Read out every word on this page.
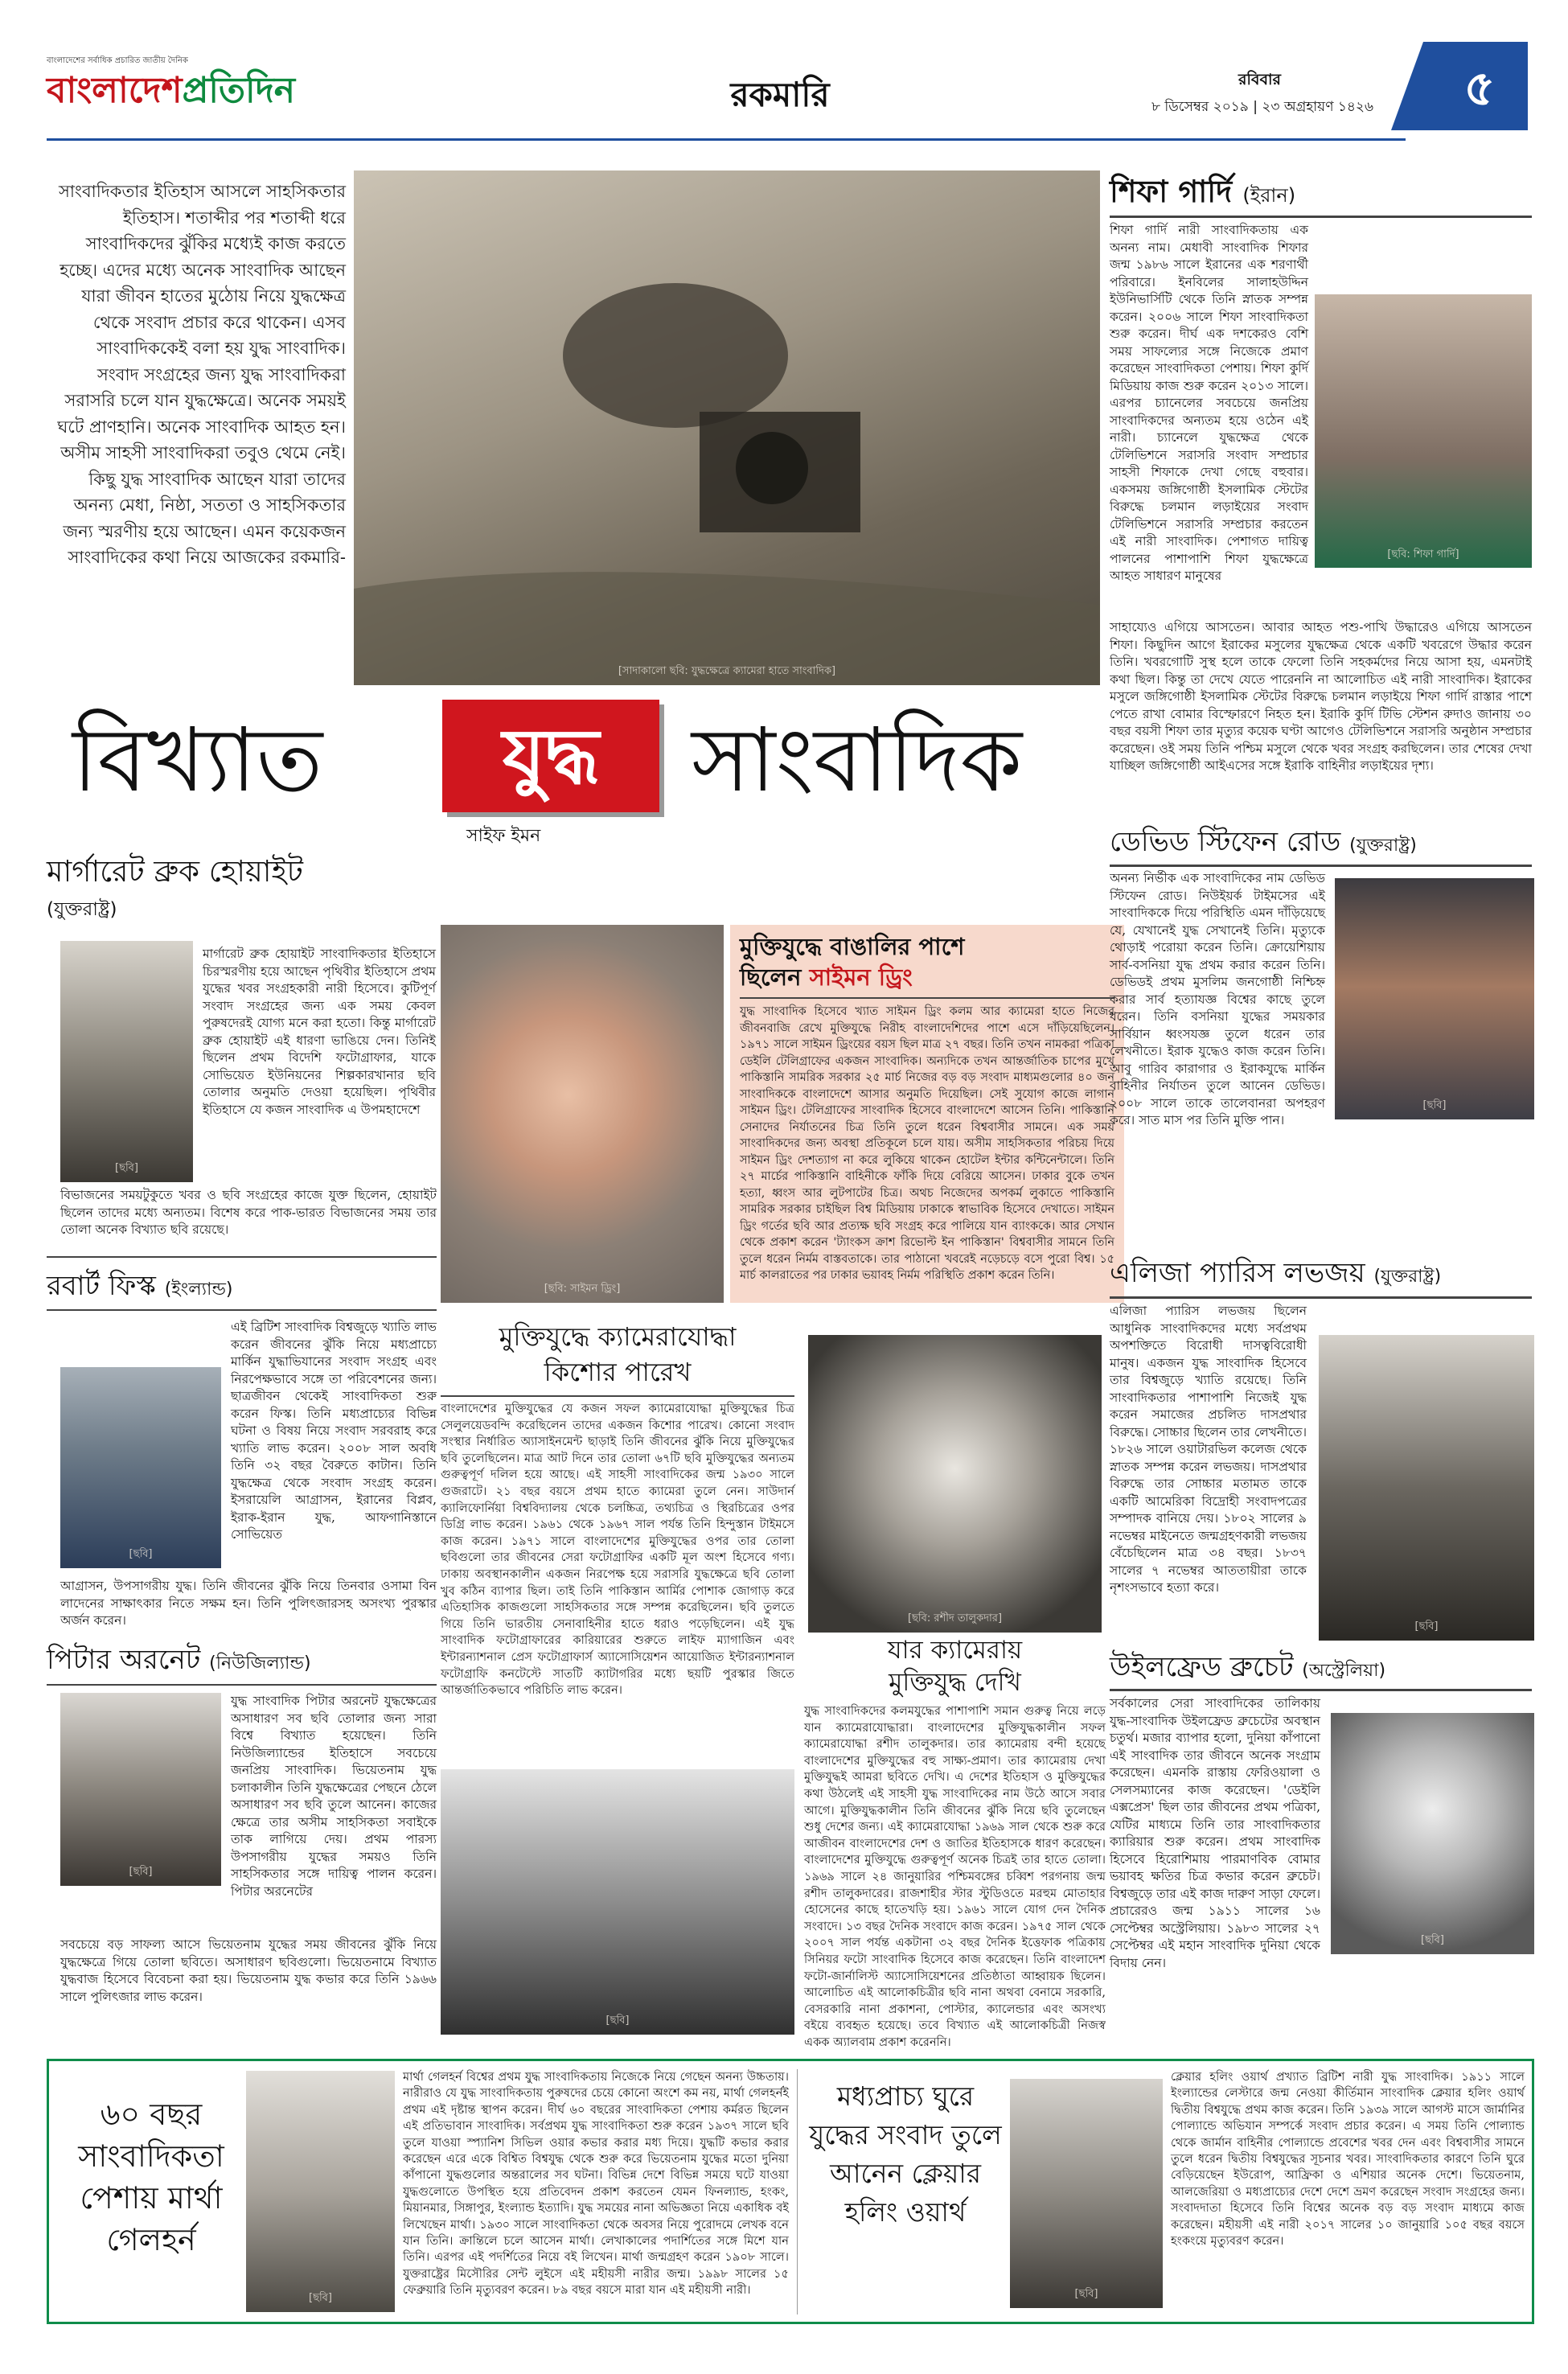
বাংলাদেশের সর্বাধিক প্রচারিত জাতীয় দৈনিক
বাংলাদেশপ্রতিদিন	রকমারি	রবিবার
৮ ডিসেম্বর ২০১৯ | ২৩ অগ্রহায়ণ ১৪২৬ ৫
সাংবাদিকতার ইতিহাস আসলে সাহসিকতার ইতিহাস। শতাব্দীর পর শতাব্দী ধরে সাংবাদিকদের ঝুঁকির মধ্যেই কাজ করতে হচ্ছে। এদের মধ্যে অনেক সাংবাদিক আছেন যারা জীবন হাতের মুঠোয় নিয়ে যুদ্ধক্ষেত্র থেকে সংবাদ প্রচার করে থাকেন। এসব সাংবাদিককেই বলা হয় যুদ্ধ সাংবাদিক। সংবাদ সংগ্রহের জন্য যুদ্ধ সাংবাদিকরা সরাসরি চলে যান যুদ্ধক্ষেত্রে। অনেক সময়ই ঘটে প্রাণহানি। অনেক সাংবাদিক আহত হন। অসীম সাহসী সাংবাদিকরা তবুও থেমে নেই। কিছু যুদ্ধ সাংবাদিক আছেন যারা তাদের অনন্য মেধা, নিষ্ঠা, সততা ও সাহসিকতার জন্য স্মরণীয় হয়ে আছেন। এমন কয়েকজন সাংবাদিকের কথা নিয়ে আজকের রকমারি-
[সাদাকালো ছবি: যুদ্ধক্ষেত্রে ক্যামেরা হাতে সাংবাদিক]
শিফা গার্দি (ইরান)
[ছবি: শিফা গার্দি]
শিফা গার্দি নারী সাংবাদিকতায় এক অনন্য নাম। মেধাবী সাংবাদিক শিফার জন্ম ১৯৮৬ সালে ইরানের এক শরণার্থী পরিবারে। ইনবিলের সালাহউদ্দিন ইউনিভার্সিটি থেকে তিনি স্নাতক সম্পন্ন করেন। ২০০৬ সালে শিফা সাংবাদিকতা শুরু করেন। দীর্ঘ এক দশকেরও বেশি সময় সাফল্যের সঙ্গে নিজেকে প্রমাণ করেছেন সাংবাদিকতা পেশায়। শিফা কুর্দি মিডিয়ায় কাজ শুরু করেন ২০১৩ সালে। এরপর চ্যানেলের সবচেয়ে জনপ্রিয় সাংবাদিকদের অন্যতম হয়ে ওঠেন এই নারী। চ্যানেলে যুদ্ধক্ষেত্র থেকে টেলিভিশনে সরাসরি সংবাদ সম্প্রচার সাহসী শিফাকে দেখা গেছে বহুবার। একসময় জঙ্গিগোষ্ঠী ইসলামিক স্টেটের বিরুদ্ধে চলমান লড়াইয়ের সংবাদ টেলিভিশনে সরাসরি সম্প্রচার করতেন এই নারী সাংবাদিক। পেশাগত দায়িত্ব পালনের পাশাপাশি শিফা যুদ্ধক্ষেত্রে আহত সাধারণ মানুষের
সাহায্যেও এগিয়ে আসতেন। আবার আহত পশু-পাখি উদ্ধারেও এগিয়ে আসতেন শিফা। কিছুদিন আগে ইরাকের মসুলের যুদ্ধক্ষেত্র থেকে একটি খবরেগে উদ্ধার করেন তিনি। খবরগোটি সুস্থ হলে তাকে ফেলো তিনি সহকর্মদের নিয়ে আসা হয়, এমনটাই কথা ছিল। কিন্তু তা দেখে যেতে পারেননি না আলোচিত এই নারী সাংবাদিক। ইরাকের মসুলে জঙ্গিগোষ্ঠী ইসলামিক স্টেটের বিরুদ্ধে চলমান লড়াইয়ে শিফা গার্দি রাস্তার পাশে পেতে রাখা বোমার বিস্ফোরণে নিহত হন। ইরাকি কুর্দি টিভি স্টেশন রুদাও জানায় ৩০ বছর বয়সী শিফা তার মৃত্যুর কয়েক ঘণ্টা আগেও টেলিভিশনে সরাসরি অনুষ্ঠান সম্প্রচার করেছেন। ওই সময় তিনি পশ্চিম মসুলে থেকে খবর সংগ্রহ করছিলেন। তার শেষের দেখা যাচ্ছিল জঙ্গিগোষ্ঠী আইএসের সঙ্গে ইরাকি বাহিনীর লড়াইয়ের দৃশ্য।
বিখ্যাত	যুদ্ধ	সাংবাদিক
সাইফ ইমন
মার্গারেট ব্রুক হোয়াইট
(যুক্তরাষ্ট্র)
[ছবি]
মার্গারেট ব্রুক হোয়াইট সাংবাদিকতার ইতিহাসে চিরস্মরণীয় হয়ে আছেন পৃথিবীর ইতিহাসে প্রথম যুদ্ধের খবর সংগ্রহকারী নারী হিসেবে। কুটিপূর্ণ সংবাদ সংগ্রহের জন্য এক সময় কেবল পুরুষদেরই যোগ্য মনে করা হতো। কিন্তু মার্গারেট ব্রুক হোয়াইট এই ধারণা ভাঙিয়ে দেন। তিনিই ছিলেন প্রথম বিদেশি ফটোগ্রাফার, যাকে সোভিয়েত ইউনিয়নের শিল্পকারখানার ছবি তোলার অনুমতি দেওয়া হয়েছিল। পৃথিবীর ইতিহাসে যে কজন সাংবাদিক এ উপমহাদেশে
বিভাজনের সময়টুকুতে খবর ও ছবি সংগ্রহের কাজে যুক্ত ছিলেন, হোয়াইট ছিলেন তাদের মধ্যে অন্যতম। বিশেষ করে পাক-ভারত বিভাজনের সময় তার তোলা অনেক বিখ্যাত ছবি রয়েছে।
[ছবি: সাইমন ড্রিং]
মুক্তিযুদ্ধে বাঙালির পাশে
ছিলেন সাইমন ড্রিং
যুদ্ধ সাংবাদিক হিসেবে খ্যাত সাইমন ড্রিং কলম আর ক্যামেরা হাতে নিজের জীবনবাজি রেখে মুক্তিযুদ্ধে নিরীহ বাংলাদেশিদের পাশে এসে দাঁড়িয়েছিলেন। ১৯৭১ সালে সাইমন ড্রিংয়ের বয়স ছিল মাত্র ২৭ বছর। তিনি তখন নামকরা পত্রিকা ডেইলি টেলিগ্রাফের একজন সাংবাদিক। অন্যদিকে তখন আন্তর্জাতিক চাপের মুখে পাকিস্তানি সামরিক সরকার ২৫ মার্চ নিজের বড় বড় সংবাদ মাধ্যমগুলোর ৪০ জন সাংবাদিককে বাংলাদেশে আসার অনুমতি দিয়েছিল। সেই সুযোগ কাজে লাগান সাইমন ড্রিং। টেলিগ্রাফের সাংবাদিক হিসেবে বাংলাদেশে আসেন তিনি। পাকিস্তানি সেনাদের নির্যাতনের চিত্র তিনি তুলে ধরেন বিশ্ববাসীর সামনে। এক সময় সাংবাদিকদের জন্য অবস্থা প্রতিকূলে চলে যায়। অসীম সাহসিকতার পরিচয় দিয়ে সাইমন ড্রিং দেশত্যাগ না করে লুকিয়ে থাকেন হোটেল ইন্টার কন্টিনেন্টালে। তিনি ২৭ মার্চের পাকিস্তানি বাহিনীকে ফাঁকি দিয়ে বেরিয়ে আসেন। ঢাকার বুকে তখন হত্যা, ধ্বংস আর লুটপাটের চিত্র। অথচ নিজেদের অপকর্ম লুকাতে পাকিস্তানি সামরিক সরকার চাইছিল বিশ্ব মিডিয়ায় ঢাকাকে স্বাভাবিক হিসেবে দেখাতে। সাইমন ড্রিং গর্তের ছবি আর প্রত্যক্ষ ছবি সংগ্রহ করে পালিয়ে যান ব্যাংককে। আর সেখান থেকে প্রকাশ করেন 'ট্যাংকস ক্রাশ রিভোল্ট ইন পাকিস্তান' বিশ্ববাসীর সামনে তিনি তুলে ধরেন নির্মম বাস্তবতাকে। তার পাঠানো খবরেই নড়েচড়ে বসে পুরো বিশ্ব। ১৫ মার্চ কালরাতের পর ঢাকার ভয়াবহ নির্মম পরিস্থিতি প্রকাশ করেন তিনি।
ডেভিড স্টিফেন রোড (যুক্তরাষ্ট্র)
অনন্য নির্ভীক এক সাংবাদিকের নাম ডেভিড স্টিফেন রোড। নিউইয়র্ক টাইমসের এই সাংবাদিককে দিয়ে পরিস্থিতি এমন দাঁড়িয়েছে যে, যেখানেই যুদ্ধ সেখানেই তিনি। মৃত্যুকে থোড়াই পরোয়া করেন তিনি। ক্রোয়েশিয়ায় সার্ব-বসনিয়া যুদ্ধ প্রথম করার করেন তিনি। ডেভিডই প্রথম মুসলিম জনগোষ্ঠী নিশ্চিহ্ন করার সার্ব হত্যাযজ্ঞ বিশ্বের কাছে তুলে ধরেন। তিনি বসনিয়া যুদ্ধের সময়কার সার্বিয়ান ধ্বংসযজ্ঞ তুলে ধরেন তার লেখনীতে। ইরাক যুদ্ধেও কাজ করেন তিনি। আবু গারিব কারাগার ও ইরাকযুদ্ধে মার্কিন বাহিনীর নির্যাতন তুলে আনেন ডেভিড। ২০০৮ সালে তাকে তালেবানরা অপহরণ করে। সাত মাস পর তিনি মুক্তি পান।
[ছবি]
এলিজা প্যারিস লভজয় (যুক্তরাষ্ট্র)
এলিজা প্যারিস লভজয় ছিলেন আধুনিক সাংবাদিকদের মধ্যে সর্বপ্রথম অপশক্তিতে বিরোধী দাসত্ববিরোধী মানুষ। একজন যুদ্ধ সাংবাদিক হিসেবে তার বিশ্বজুড়ে খ্যাতি রয়েছে। তিনি সাংবাদিকতার পাশাপাশি নিজেই যুদ্ধ করেন সমাজের প্রচলিত দাসপ্রথার বিরুদ্ধে। সোচ্চার ছিলেন তার লেখনীতে। ১৮২৬ সালে ওয়াটারভিল কলেজ থেকে স্নাতক সম্পন্ন করেন লভজয়। দাসপ্রথার বিরুদ্ধে তার সোচ্চার মতামত তাকে একটি আমেরিকা বিদ্রোহী সংবাদপত্রের সম্পাদক বানিয়ে দেয়। ১৮০২ সালের ৯ নভেম্বর মাইনেতে জন্মগ্রহণকারী লভজয় বেঁচেছিলেন মাত্র ৩৪ বছর। ১৮৩৭ সালের ৭ নভেম্বর আততায়ীরা তাকে নৃশংসভাবে হত্যা করে।
[ছবি]
রবার্ট ফিস্ক (ইংল্যান্ড)
[ছবি]
এই ব্রিটিশ সাংবাদিক বিশ্বজুড়ে খ্যাতি লাভ করেন জীবনের ঝুঁকি নিয়ে মধ্যপ্রাচ্যে মার্কিন যুদ্ধাভিযানের সংবাদ সংগ্রহ এবং নিরপেক্ষভাবে সঙ্গে তা পরিবেশনের জন্য। ছাত্রজীবন থেকেই সাংবাদিকতা শুরু করেন ফিস্ক। তিনি মধ্যপ্রাচ্যের বিভিন্ন ঘটনা ও বিষয় নিয়ে সংবাদ সরবরাহ করে খ্যাতি লাভ করেন। ২০০৮ সাল অবধি তিনি ৩২ বছর বৈরুতে কাটান। তিনি যুদ্ধক্ষেত্র থেকে সংবাদ সংগ্রহ করেন। ইসরায়েলি আগ্রাসন, ইরানের বিপ্লব, ইরাক-ইরান যুদ্ধ, আফগানিস্তানে সোভিয়েত
আগ্রাসন, উপসাগরীয় যুদ্ধ। তিনি জীবনের ঝুঁকি নিয়ে তিনবার ওসামা বিন লাদেনের সাক্ষাৎকার নিতে সক্ষম হন। তিনি পুলিৎজারসহ অসংখ্য পুরস্কার অর্জন করেন।
মুক্তিযুদ্ধে ক্যামেরাযোদ্ধা
কিশোর পারেখ
বাংলাদেশের মুক্তিযুদ্ধের যে কজন সফল ক্যামেরাযোদ্ধা মুক্তিযুদ্ধের চিত্র সেলুলয়েডবন্দি করেছিলেন তাদের একজন কিশোর পারেখ। কোনো সংবাদ সংস্থার নির্ধারিত অ্যাসাইনমেন্ট ছাড়াই তিনি জীবনের ঝুঁকি নিয়ে মুক্তিযুদ্ধের ছবি তুলেছিলেন। মাত্র আট দিনে তার তোলা ৬৭টি ছবি মুক্তিযুদ্ধের অন্যতম গুরুত্বপূর্ণ দলিল হয়ে আছে। এই সাহসী সাংবাদিকের জন্ম ১৯৩০ সালে গুজরাটে। ২১ বছর বয়সে প্রথম হাতে ক্যামেরা তুলে নেন। সাউদার্ন ক্যালিফোর্নিয়া বিশ্ববিদ্যালয় থেকে চলচ্চিত্র, তথ্যচিত্র ও স্থিরচিত্রের ওপর ডিগ্রি লাভ করেন। ১৯৬১ থেকে ১৯৬৭ সাল পর্যন্ত তিনি হিন্দুস্তান টাইমসে কাজ করেন। ১৯৭১ সালে বাংলাদেশের মুক্তিযুদ্ধের ওপর তার তোলা ছবিগুলো তার জীবনের সেরা ফটোগ্রাফির একটি মূল অংশ হিসেবে গণ্য। ঢাকায় অবস্থানকালীন একজন নিরপেক্ষ হয়ে সরাসরি যুদ্ধক্ষেত্রে ছবি তোলা খুব কঠিন ব্যাপার ছিল। তাই তিনি পাকিস্তান আর্মির পোশাক জোগাড় করে এতিহাসিক কাজগুলো সাহসিকতার সঙ্গে সম্পন্ন করেছিলেন। ছবি তুলতে গিয়ে তিনি ভারতীয় সেনাবাহিনীর হাতে ধরাও পড়েছিলেন। এই যুদ্ধ সাংবাদিক ফটোগ্রাফারের কারিয়ারের শুরুতে লাইফ ম্যাগাজিন এবং ইন্টারন্যাশনাল প্রেস ফটোগ্রাফার্স অ্যাসোসিয়েশন আয়োজিত ইন্টারন্যাশনাল ফটোগ্রাফি কনটেস্টে সাতটি ক্যাটাগরির মধ্যে ছয়টি পুরস্কার জিতে আন্তর্জাতিকভাবে পরিচিতি লাভ করেন।
[ছবি]
[ছবি: রশীদ তালুকদার]
যার ক্যামেরায়
মুক্তিযুদ্ধ দেখি
যুদ্ধ সাংবাদিকদের কলমযুদ্ধের পাশাপাশি সমান গুরুত্ব নিয়ে লড়ে যান ক্যামেরাযোদ্ধারা। বাংলাদেশের মুক্তিযুদ্ধকালীন সফল ক্যামেরাযোদ্ধা রশীদ তালুকদার। তার ক্যামেরায় বন্দী হয়েছে বাংলাদেশের মুক্তিযুদ্ধের বহু সাক্ষ্য-প্রমাণ। তার ক্যামেরায় দেখা মুক্তিযুদ্ধই আমরা ছবিতে দেখি। এ দেশের ইতিহাস ও মুক্তিযুদ্ধের কথা উঠলেই এই সাহসী যুদ্ধ সাংবাদিকের নাম উঠে আসে সবার আগে। মুক্তিযুদ্ধকালীন তিনি জীবনের ঝুঁকি নিয়ে ছবি তুলেছেন শুধু দেশের জন্য। এই ক্যামেরাযোদ্ধা ১৯৬৯ সাল থেকে শুরু করে আজীবন বাংলাদেশের দেশ ও জাতির ইতিহাসকে ধারণ করেছেন। বাংলাদেশের মুক্তিযুদ্ধে গুরুত্বপূর্ণ অনেক চিত্রই তার হাতে তোলা। ১৯৬৯ সালে ২৪ জানুয়ারির পশ্চিমবঙ্গের চব্বিশ পরগনায় জন্ম রশীদ তালুকদারের। রাজশাহীর স্টার স্টুডিওতে মরহুম মোতাহার হোসেনের কাছে হাতেখড়ি হয়। ১৯৬১ সালে যোগ দেন দৈনিক সংবাদে। ১৩ বছর দৈনিক সংবাদে কাজ করেন। ১৯৭৫ সাল থেকে ২০০৭ সাল পর্যন্ত একটানা ৩২ বছর দৈনিক ইত্তেফাক পত্রিকায় সিনিয়র ফটো সাংবাদিক হিসেবে কাজ করেছেন। তিনি বাংলাদেশ ফটো-জার্নালিস্ট অ্যাসোসিয়েশনের প্রতিষ্ঠাতা আহ্বায়ক ছিলেন। আলোচিত এই আলোকচিত্রীর ছবি নানা অথবা বেনামে সরকারি, বেসরকারি নানা প্রকাশনা, পোস্টার, ক্যালেন্ডার এবং অসংখ্য বইয়ে ব্যবহৃত হয়েছে। তবে বিখ্যাত এই আলোকচিত্রী নিজস্ব একক অ্যালবাম প্রকাশ করেননি।
পিটার অরনেট (নিউজিল্যান্ড)
[ছবি]
যুদ্ধ সাংবাদিক পিটার অরনেট যুদ্ধক্ষেত্রের অসাধারণ সব ছবি তোলার জন্য সারা বিশ্বে বিখ্যাত হয়েছেন। তিনি নিউজিল্যান্ডের ইতিহাসে সবচেয়ে জনপ্রিয় সাংবাদিক। ভিয়েতনাম যুদ্ধ চলাকালীন তিনি যুদ্ধক্ষেত্রের পেছনে ঠেলে অসাধারণ সব ছবি তুলে আনেন। কাজের ক্ষেত্রে তার অসীম সাহসিকতা সবাইকে তাক লাগিয়ে দেয়। প্রথম পারস্য উপসাগরীয় যুদ্ধের সময়ও তিনি সাহসিকতার সঙ্গে দায়িত্ব পালন করেন। পিটার অরনেটের
সবচেয়ে বড় সাফল্য আসে ভিয়েতনাম যুদ্ধের সময় জীবনের ঝুঁকি নিয়ে যুদ্ধক্ষেত্রে গিয়ে তোলা ছবিতে। অসাধারণ ছবিগুলো। ভিয়েতনামে বিখ্যাত যুদ্ধবাজ হিসেবে বিবেচনা করা হয়। ভিয়েতনাম যুদ্ধ কভার করে তিনি ১৯৬৬ সালে পুলিৎজার লাভ করেন।
উইলফ্রেড ব্রুচেট (অস্ট্রেলিয়া)
সর্বকালের সেরা সাংবাদিকের তালিকায় যুদ্ধ-সাংবাদিক উইলফ্রেড ব্রুচেটের অবস্থান চতুর্থ। মজার ব্যাপার হলো, দুনিয়া কাঁপানো এই সাংবাদিক তার জীবনে অনেক সংগ্রাম করেছেন। এমনকি রাস্তায় ফেরিওয়ালা ও সেলসম্যানের কাজ করেছেন। 'ডেইলি এক্সপ্রেস' ছিল তার জীবনের প্রথম পত্রিকা, যেটির মাধ্যমে তিনি তার সাংবাদিকতার ক্যারিয়ার শুরু করেন। প্রথম সাংবাদিক হিসেবে হিরোশিমায় পারমাণবিক বোমার ভয়াবহ ক্ষতির চিত্র কভার করেন ব্রুচেট। বিশ্বজুড়ে তার এই কাজ দারুণ সাড়া ফেলে। প্রচারেরও জন্ম ১৯১১ সালের ১৬ সেপ্টেম্বর অস্ট্রেলিয়ায়। ১৯৮৩ সালের ২৭ সেপ্টেম্বর এই মহান সাংবাদিক দুনিয়া থেকে বিদায় নেন।
[ছবি]
৬০ বছর সাংবাদিকতা পেশায় মার্থা গেলহর্ন
[ছবি]
মার্থা গেলহর্ন বিশ্বের প্রথম যুদ্ধ সাংবাদিকতায় নিজেকে নিয়ে গেছেন অনন্য উচ্চতায়। নারীরাও যে যুদ্ধ সাংবাদিকতায় পুরুষদের চেয়ে কোনো অংশে কম নয়, মার্থা গেলহর্নই প্রথম এই দৃষ্টান্ত স্থাপন করেন। দীর্ঘ ৬০ বছরের সাংবাদিকতা পেশায় কর্মরত ছিলেন এই প্রতিভাবান সাংবাদিক। সর্বপ্রথম যুদ্ধ সাংবাদিকতা শুরু করেন ১৯৩৭ সালে ছবি তুলে যাওয়া স্প্যানিশ সিভিল ওয়ার কভার করার মধ্য দিয়ে। যুদ্ধটি কভার করার করেছেন এরে একে বিশ্বিত বিশ্বযুদ্ধ থেকে শুরু করে ভিয়েতনাম যুদ্ধের মতো দুনিয়া কাঁপানো যুদ্ধগুলোর অন্তরালের সব ঘটনা। বিভিন্ন দেশে বিভিন্ন সময়ে ঘটে যাওয়া যুদ্ধগুলোতে উপস্থিত হয়ে প্রতিবেদন প্রকাশ করতেন যেমন ফিনল্যান্ড, হংকং, মিয়ানমার, সিঙ্গাপুর, ইংল্যান্ড ইত্যাদি। যুদ্ধ সময়ের নানা অভিজ্ঞতা নিয়ে একাধিক বই লিখেছেন মার্থা। ১৯৩০ সালে সাংবাদিকতা থেকে অবসর নিয়ে পুরোদমে লেখক বনে যান তিনি। ক্রান্তিলে চলে আসেন মার্থা। লেখাকালের পদার্শিতের সঙ্গে মিশে যান তিনি। এরপর এই পদর্শিতের নিয়ে বই লিখেন। মার্থা জন্মগ্রহণ করেন ১৯০৮ সালে। যুক্তরাষ্ট্রের মিসৌরির সেন্ট লুইসে এই মহীয়সী নারীর জন্ম। ১৯৯৮ সালের ১৫ ফেব্রুয়ারি তিনি মৃত্যুবরণ করেন। ৮৯ বছর বয়সে মারা যান এই মহীয়সী নারী।
মধ্যপ্রাচ্য ঘুরে যুদ্ধের সংবাদ তুলে আনেন ক্লেয়ার হলিং ওয়ার্থ
[ছবি]
ক্লেয়ার হলিং ওয়ার্থ প্রখ্যাত ব্রিটিশ নারী যুদ্ধ সাংবাদিক। ১৯১১ সালে ইংল্যান্ডের লেস্টারে জন্ম নেওয়া কীর্তিমান সাংবাদিক ক্লেয়ার হলিং ওয়ার্থ দ্বিতীয় বিশ্বযুদ্ধে প্রথম কাজ করেন। তিনি ১৯৩৯ সালে আগস্ট মাসে জার্মানির পোল্যান্ডে অভিযান সম্পর্কে সংবাদ প্রচার করেন। এ সময় তিনি পোল্যান্ড থেকে জার্মান বাহিনীর পোল্যান্ডে প্রবেশের খবর দেন এবং বিশ্ববাসীর সামনে তুলে ধরেন দ্বিতীয় বিশ্বযুদ্ধের সূচনার খবর। সাংবাদিকতার কারণে তিনি ঘুরে বেড়িয়েছেন ইউরোপ, আফ্রিকা ও এশিয়ার অনেক দেশে। ভিয়েতনাম, আলজেরিয়া ও মধ্যপ্রাচ্যের দেশে দেশে ভ্রমণ করেছেন সংবাদ সংগ্রহের জন্য। সংবাদদাতা হিসেবে তিনি বিশ্বের অনেক বড় বড় সংবাদ মাধ্যমে কাজ করেছেন। মহীয়সী এই নারী ২০১৭ সালের ১০ জানুয়ারি ১০৫ বছর বয়সে হংকংয়ে মৃত্যুবরণ করেন।
